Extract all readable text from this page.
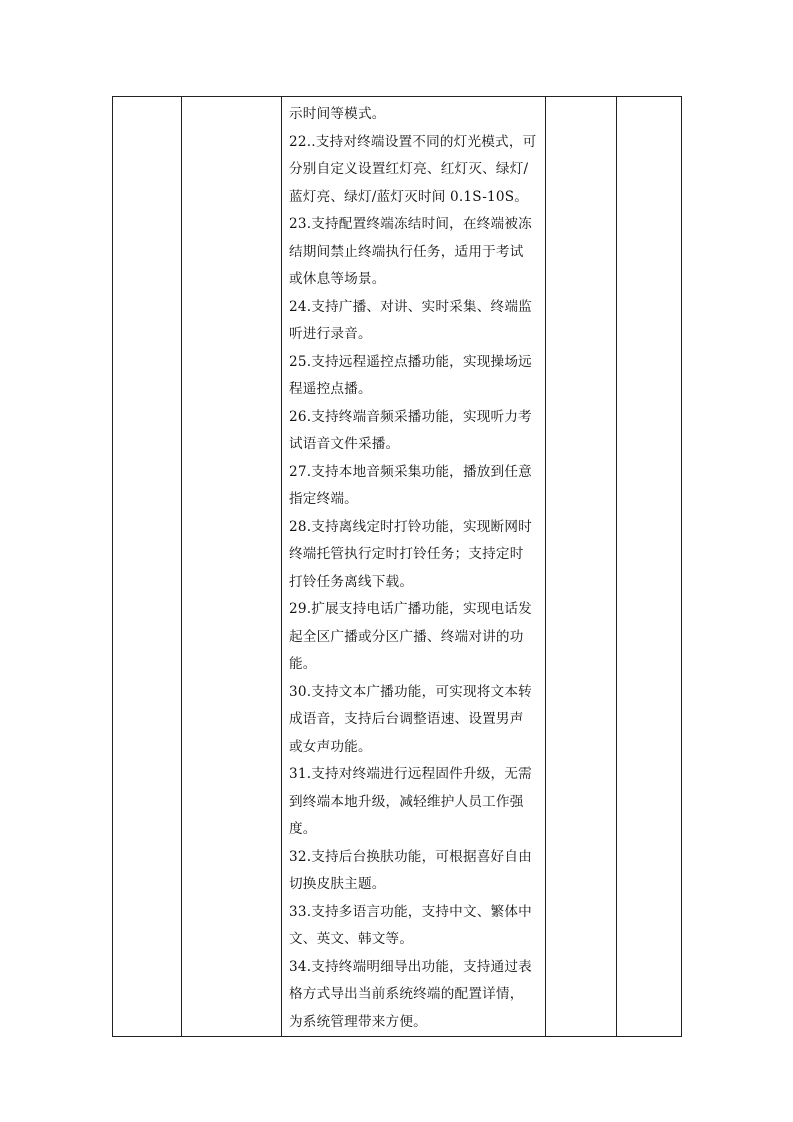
示时间等模式。
22..支持对终端设置不同的灯光模式，可
分别自定义设置红灯亮、红灯灭、绿灯/
蓝灯亮、绿灯/蓝灯灭时间 0.1S-10S。
23.支持配置终端冻结时间，在终端被冻
结期间禁止终端执行任务，适用于考试
或休息等场景。
24.支持广播、对讲、实时采集、终端监
听进行录音。
25.支持远程遥控点播功能，实现操场远
程遥控点播。
26.支持终端音频采播功能，实现听力考
试语音文件采播。
27.支持本地音频采集功能，播放到任意
指定终端。
28.支持离线定时打铃功能，实现断网时
终端托管执行定时打铃任务；支持定时
打铃任务离线下载。
29.扩展支持电话广播功能，实现电话发
起全区广播或分区广播、终端对讲的功
能。
30.支持文本广播功能，可实现将文本转
成语音，支持后台调整语速、设置男声
或女声功能。
31.支持对终端进行远程固件升级，无需
到终端本地升级，减轻维护人员工作强
度。
32.支持后台换肤功能，可根据喜好自由
切换皮肤主题。
33.支持多语言功能，支持中文、繁体中
文、英文、韩文等。
34.支持终端明细导出功能，支持通过表
格方式导出当前系统终端的配置详情，
为系统管理带来方便。
